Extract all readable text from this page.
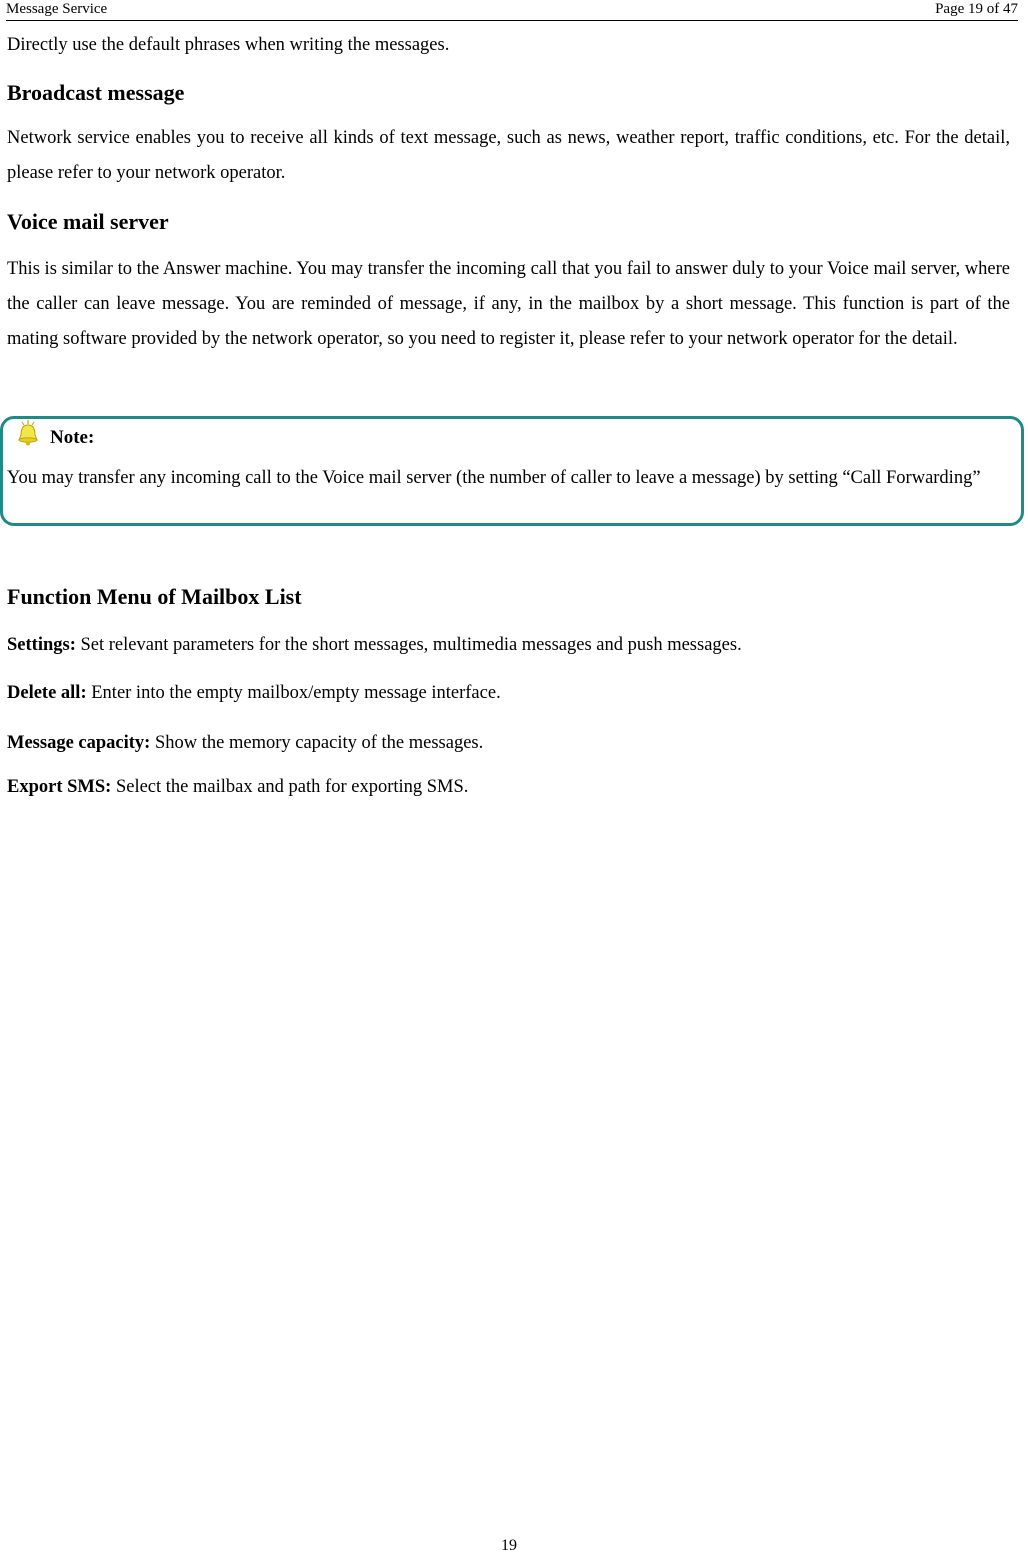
Message Service	Page 19 of 47
Directly use the default phrases when writing the messages.
Broadcast message
Network service enables you to receive all kinds of text message, such as news, weather report, traffic conditions, etc. For the detail, please refer to your network operator.
Voice mail server
This is similar to the Answer machine. You may transfer the incoming call that you fail to answer duly to your Voice mail server, where the caller can leave message. You are reminded of message, if any, in the mailbox by a short message. This function is part of the mating software provided by the network operator, so you need to register it, please refer to your network operator for the detail.
Note:
You may transfer any incoming call to the Voice mail server (the number of caller to leave a message) by setting “Call Forwarding”
Function Menu of Mailbox List
Settings: Set relevant parameters for the short messages, multimedia messages and push messages.
Delete all: Enter into the empty mailbox/empty message interface.
Message capacity: Show the memory capacity of the messages.
Export SMS: Select the mailbax and path for exporting SMS.
19
